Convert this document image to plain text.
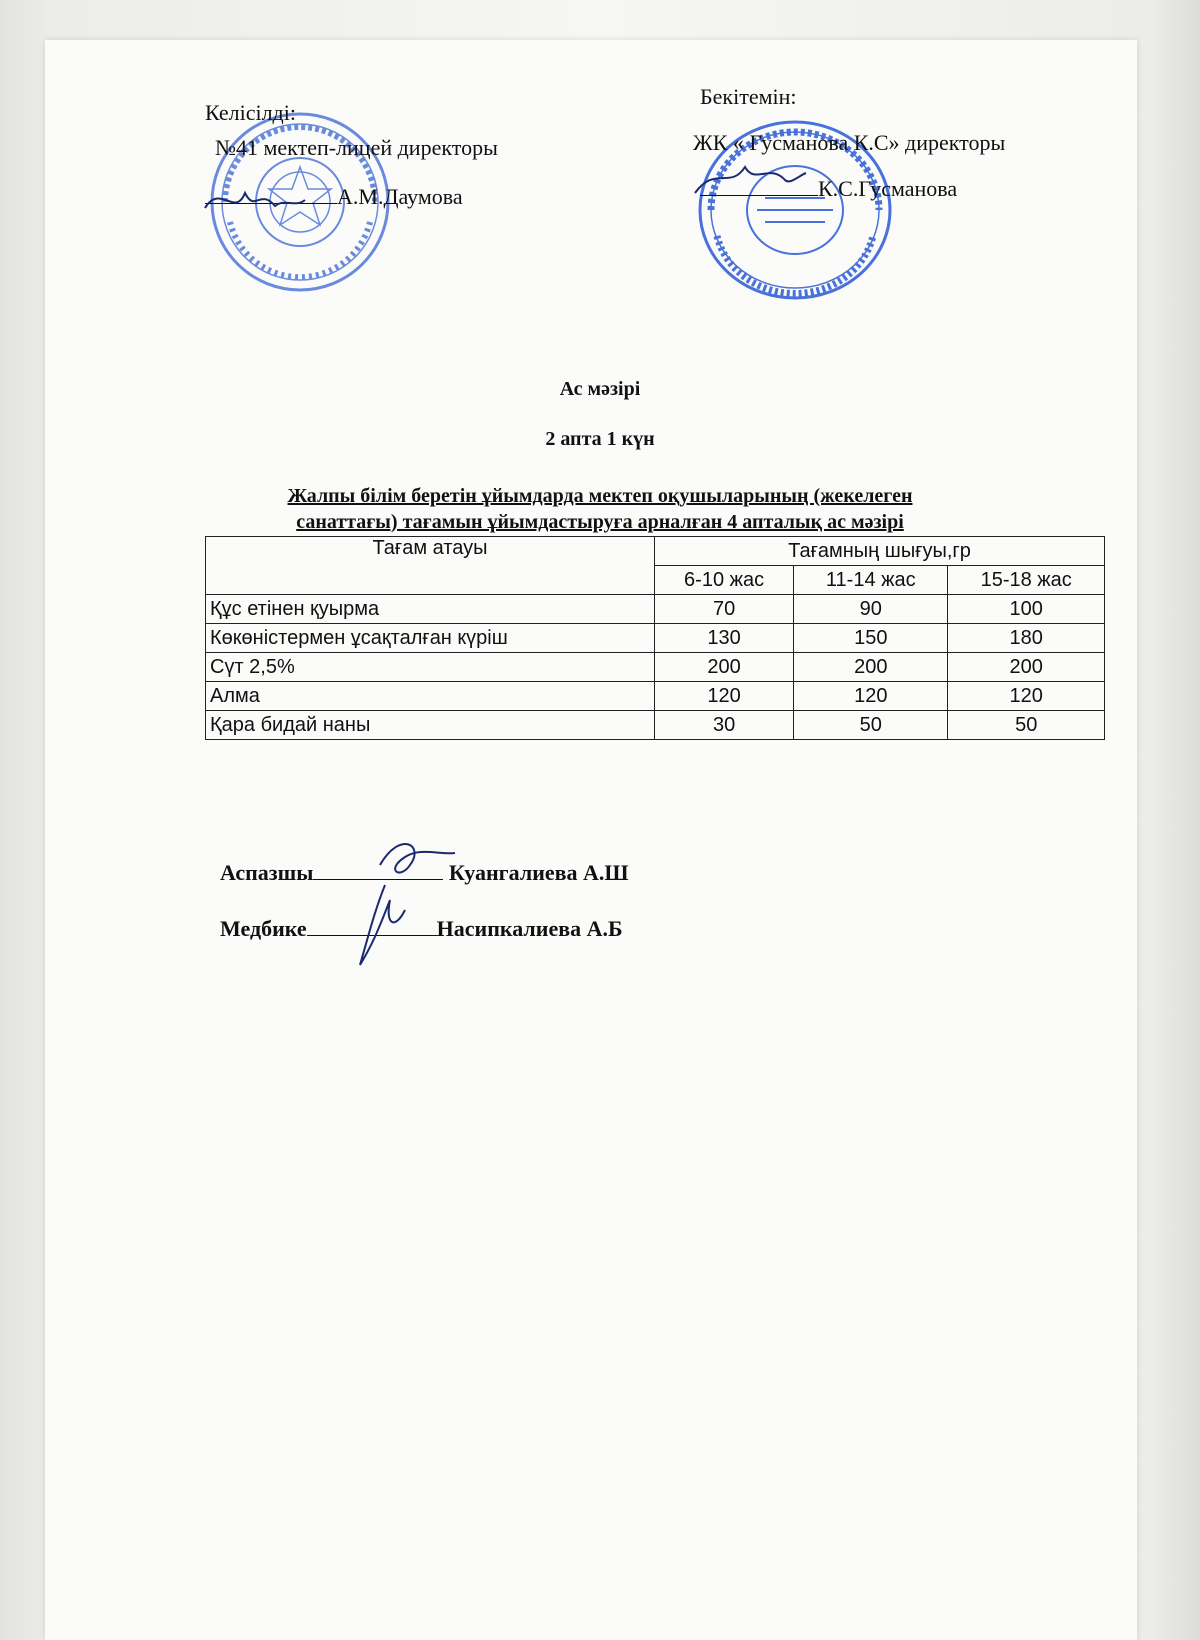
Келісілді:
№41 мектеп-лицей директоры
А.М.Даумова
Бекітемін:
ЖК « Гусманова К.С» директоры
К.С.Гусманова
Ас мәзірі
2 апта 1 күн
Жалпы білім беретін ұйымдарда мектеп оқушыларының (жекелеген
санаттағы) тағамын ұйымдастыруға арналған 4 апталық ас мәзірі
Тағам атауы	Тағамның шығуы,гр		
	6-10 жас	11-14 жас	15-18 жас
Құс етінен қуырма	70	90	100
Көкөністермен ұсақталған күріш	130	150	180
Сүт 2,5%	200	200	200
Алма	120	120	120
Қара бидай наны	30	50	50
Аспазшы	Куангалиева А.Ш
Медбике	Насипкалиева А.Б
